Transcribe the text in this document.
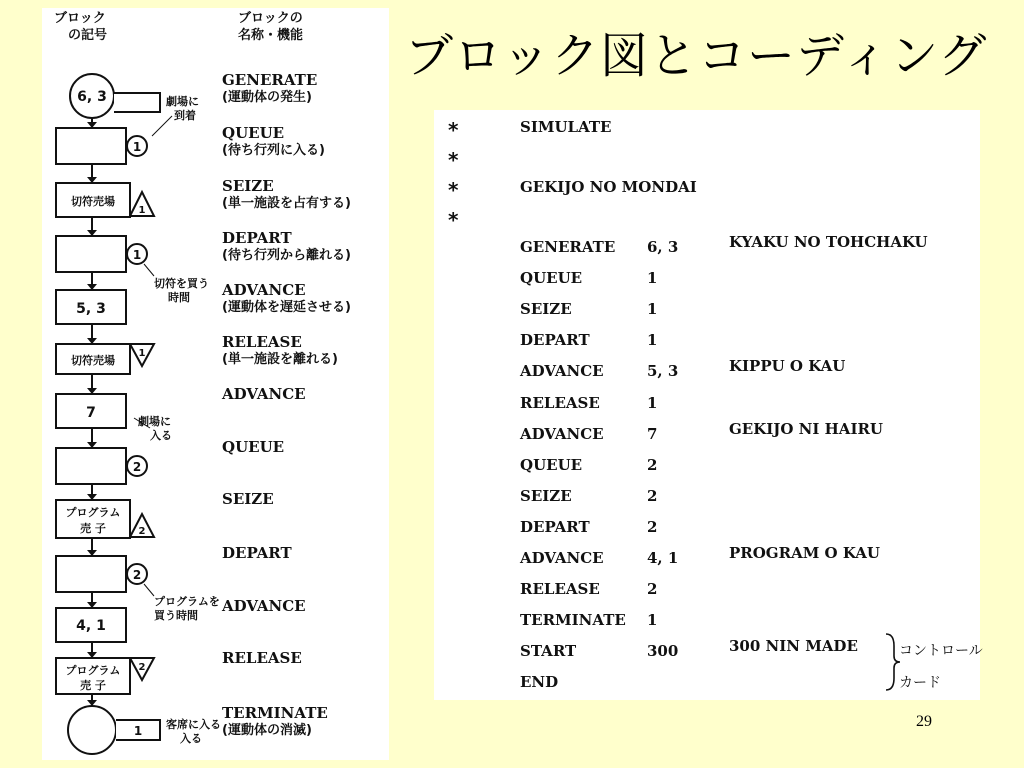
ブロック図とコーディング
ブロック
の記号
ブロックの
名称・機能
6, 3	劇場に
到着
1
切符売場
1
1
切符を買う
時間
5, 3
切符売場
1
7
劇場に
入る
2
プログラム
売 子	2
2
プログラムを
買う時間
4, 1
プログラム
売 子
2
1 客席に入る
入る
GENERATE
(運動体の発生)
QUEUE
(待ち行列に入る)
SEIZE
(単一施設を占有する)
DEPART
(待ち行列から離れる)
ADVANCE
(運動体を遅延させる)
RELEASE
(単一施設を離れる)
ADVANCE
QUEUE
SEIZE
DEPART
ADVANCE
RELEASE
TERMINATE
(運動体の消滅)
*
*
*
*
SIMULATE
GEKIJO NO MONDAI
GENERATE 6, 3	KYAKU NO TOHCHAKU
QUEUE	1
SEIZE	1
DEPART	1
ADVANCE	5, 3	KIPPU O KAU
RELEASE	1
ADVANCE	7	GEKIJO NI HAIRU
QUEUE	2
SEIZE	2
DEPART	2
ADVANCE	4, 1	PROGRAM O KAU
RELEASE	2
TERMINATE 1
START	300	300 NIN MADE
END
コントロール
カード
29
